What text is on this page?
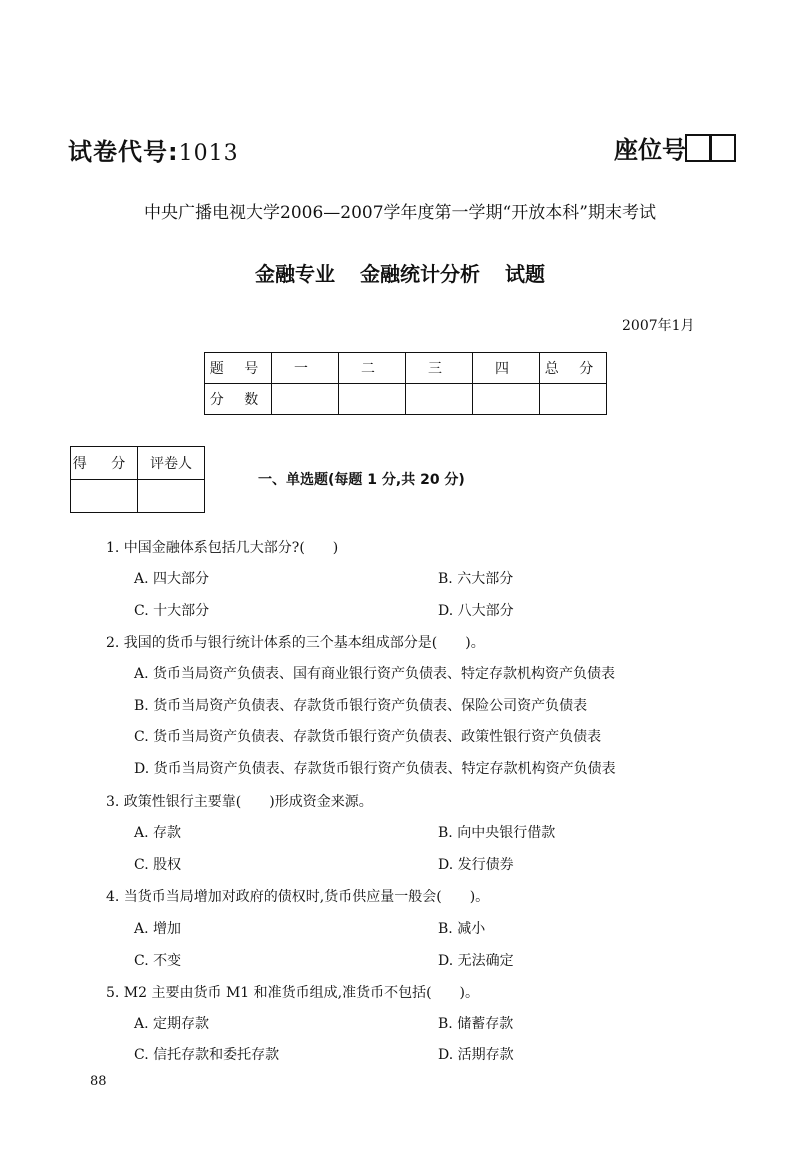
试卷代号:1013	座位号
中央广播电视大学2006—2007学年度第一学期“开放本科”期末考试
金融专业 金融统计分析 试题
2007年1月
题 号	一	二	三	四	总 分
分 数					
得 分	评卷人

一、单选题(每题 1 分,共 20 分)
1. 中国金融体系包括几大部分?(　　)
A. 四大部分	B. 六大部分
C. 十大部分	D. 八大部分
2. 我国的货币与银行统计体系的三个基本组成部分是(　　)。
A. 货币当局资产负债表、国有商业银行资产负债表、特定存款机构资产负债表
B. 货币当局资产负债表、存款货币银行资产负债表、保险公司资产负债表
C. 货币当局资产负债表、存款货币银行资产负债表、政策性银行资产负债表
D. 货币当局资产负债表、存款货币银行资产负债表、特定存款机构资产负债表
3. 政策性银行主要靠(　　)形成资金来源。
A. 存款	B. 向中央银行借款
C. 股权	D. 发行债券
4. 当货币当局增加对政府的债权时,货币供应量一般会(　　)。
A. 增加	B. 减小
C. 不变	D. 无法确定
5. M2 主要由货币 M1 和准货币组成,准货币不包括(　　)。
A. 定期存款	B. 储蓄存款
C. 信托存款和委托存款	D. 活期存款
88
